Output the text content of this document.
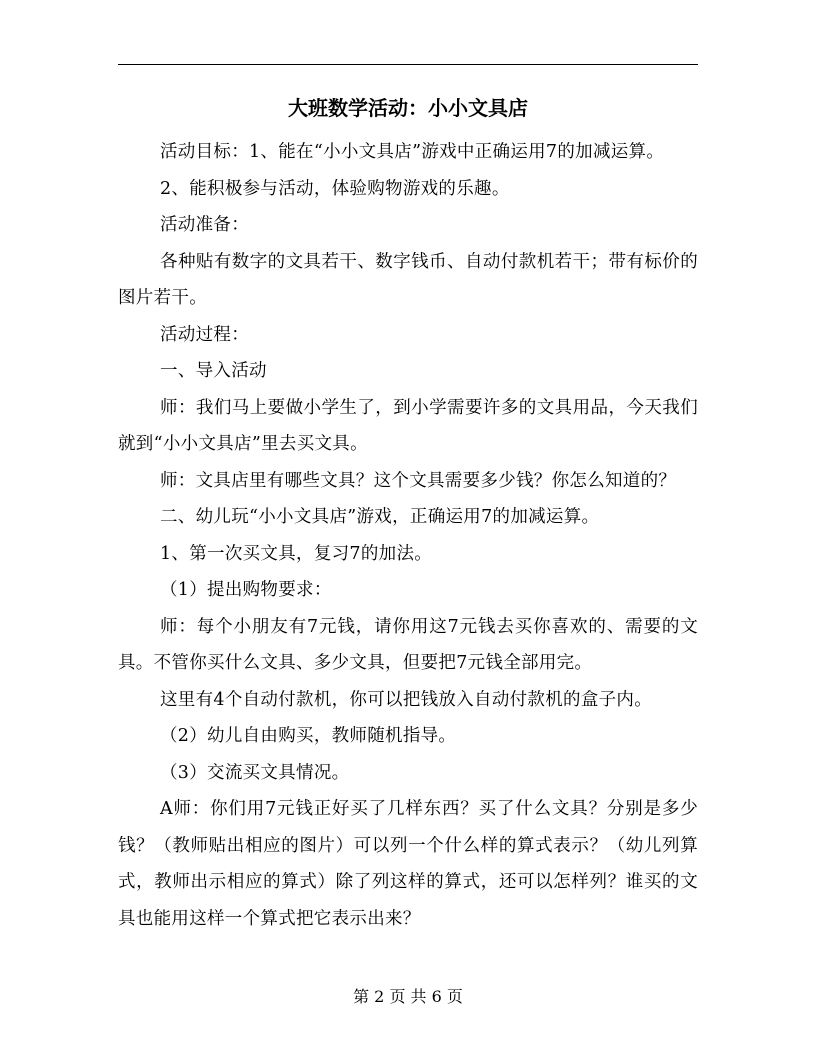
大班数学活动：小小文具店

活动目标：1、能在“小小文具店”游戏中正确运用7的加减运算。

2、能积极参与活动，体验购物游戏的乐趣。

活动准备：

各种贴有数字的文具若干、数字钱币、自动付款机若干；带有标价的图片若干。

活动过程：

一、导入活动

师：我们马上要做小学生了，到小学需要许多的文具用品，今天我们就到“小小文具店”里去买文具。

师：文具店里有哪些文具？这个文具需要多少钱？你怎么知道的？

二、幼儿玩“小小文具店”游戏，正确运用7的加减运算。

1、第一次买文具，复习7的加法。

（1）提出购物要求：

师：每个小朋友有7元钱，请你用这7元钱去买你喜欢的、需要的文具。不管你买什么文具、多少文具，但要把7元钱全部用完。

这里有4个自动付款机，你可以把钱放入自动付款机的盒子内。

（2）幼儿自由购买，教师随机指导。

（3）交流买文具情况。

A师：你们用7元钱正好买了几样东西？买了什么文具？分别是多少钱？（教师贴出相应的图片）可以列一个什么样的算式表示？（幼儿列算式，教师出示相应的算式）除了列这样的算式，还可以怎样列？谁买的文具也能用这样一个算式把它表示出来？

第 2 页 共 6 页
